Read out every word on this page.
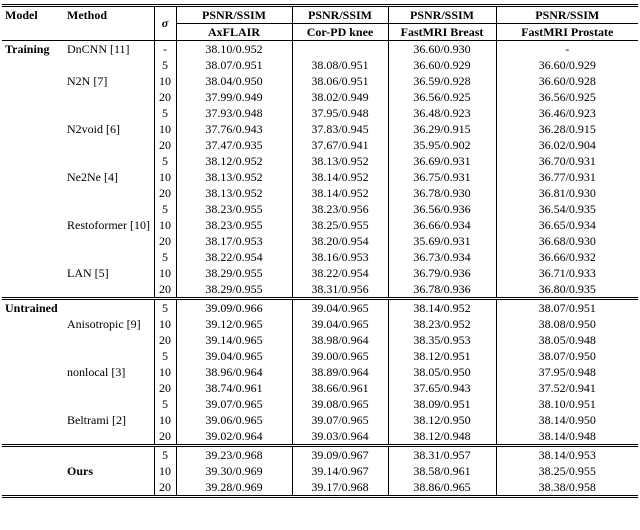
Model	Method	σ	PSNR/SSIM	PSNR/SSIM	PSNR/SSIM	PSNR/SSIM
			AxFLAIR	Cor-PD knee	FastMRI Breast	FastMRI Prostate
Training	DnCNN [11]	-	38.10/0.952		36.60/0.930	-
		5	38.07/0.951	38.08/0.951	36.60/0.929	36.60/0.929
	N2N [7]	10	38.04/0.950	38.06/0.951	36.59/0.928	36.60/0.928
		20	37.99/0.949	38.02/0.949	36.56/0.925	36.56/0.925
		5	37.93/0.948	37.95/0.948	36.48/0.923	36.46/0.923
	N2void [6]	10	37.76/0.943	37.83/0.945	36.29/0.915	36.28/0.915
		20	37.47/0.935	37.67/0.941	35.95/0.902	36.02/0.904
		5	38.12/0.952	38.13/0.952	36.69/0.931	36.70/0.931
	Ne2Ne [4]	10	38.13/0.952	38.14/0.952	36.75/0.931	36.77/0.931
		20	38.13/0.952	38.14/0.952	36.78/0.930	36.81/0.930
		5	38.23/0.955	38.23/0.956	36.56/0.936	36.54/0.935
	Restoformer [10]	10	38.23/0.955	38.25/0.955	36.66/0.934	36.65/0.934
		20	38.17/0.953	38.20/0.954	35.69/0.931	36.68/0.930
		5	38.22/0.954	38.16/0.953	36.73/0.934	36.66/0.932
	LAN [5]	10	38.29/0.955	38.22/0.954	36.79/0.936	36.71/0.933
		20	38.29/0.955	38.31/0.956	36.78/0.936	36.80/0.935
Untrained		5	39.09/0.966	39.04/0.965	38.14/0.952	38.07/0.951
	Anisotropic [9]	10	39.12/0.965	39.04/0.965	38.23/0.952	38.08/0.950
		20	39.14/0.965	38.98/0.964	38.35/0.953	38.05/0.948
		5	39.04/0.965	39.00/0.965	38.12/0.951	38.07/0.950
	nonlocal [3]	10	38.96/0.964	38.89/0.964	38.05/0.950	37.95/0.948
		20	38.74/0.961	38.66/0.961	37.65/0.943	37.52/0.941
		5	39.07/0.965	39.08/0.965	38.09/0.951	38.10/0.951
	Beltrami [2]	10	39.06/0.965	39.07/0.965	38.12/0.950	38.14/0.950
		20	39.02/0.964	39.03/0.964	38.12/0.948	38.14/0.948
		5	39.23/0.968	39.09/0.967	38.31/0.957	38.14/0.953
	Ours	10	39.30/0.969	39.14/0.967	38.58/0.961	38.25/0.955
		20	39.28/0.969	39.17/0.968	38.86/0.965	38.38/0.958
